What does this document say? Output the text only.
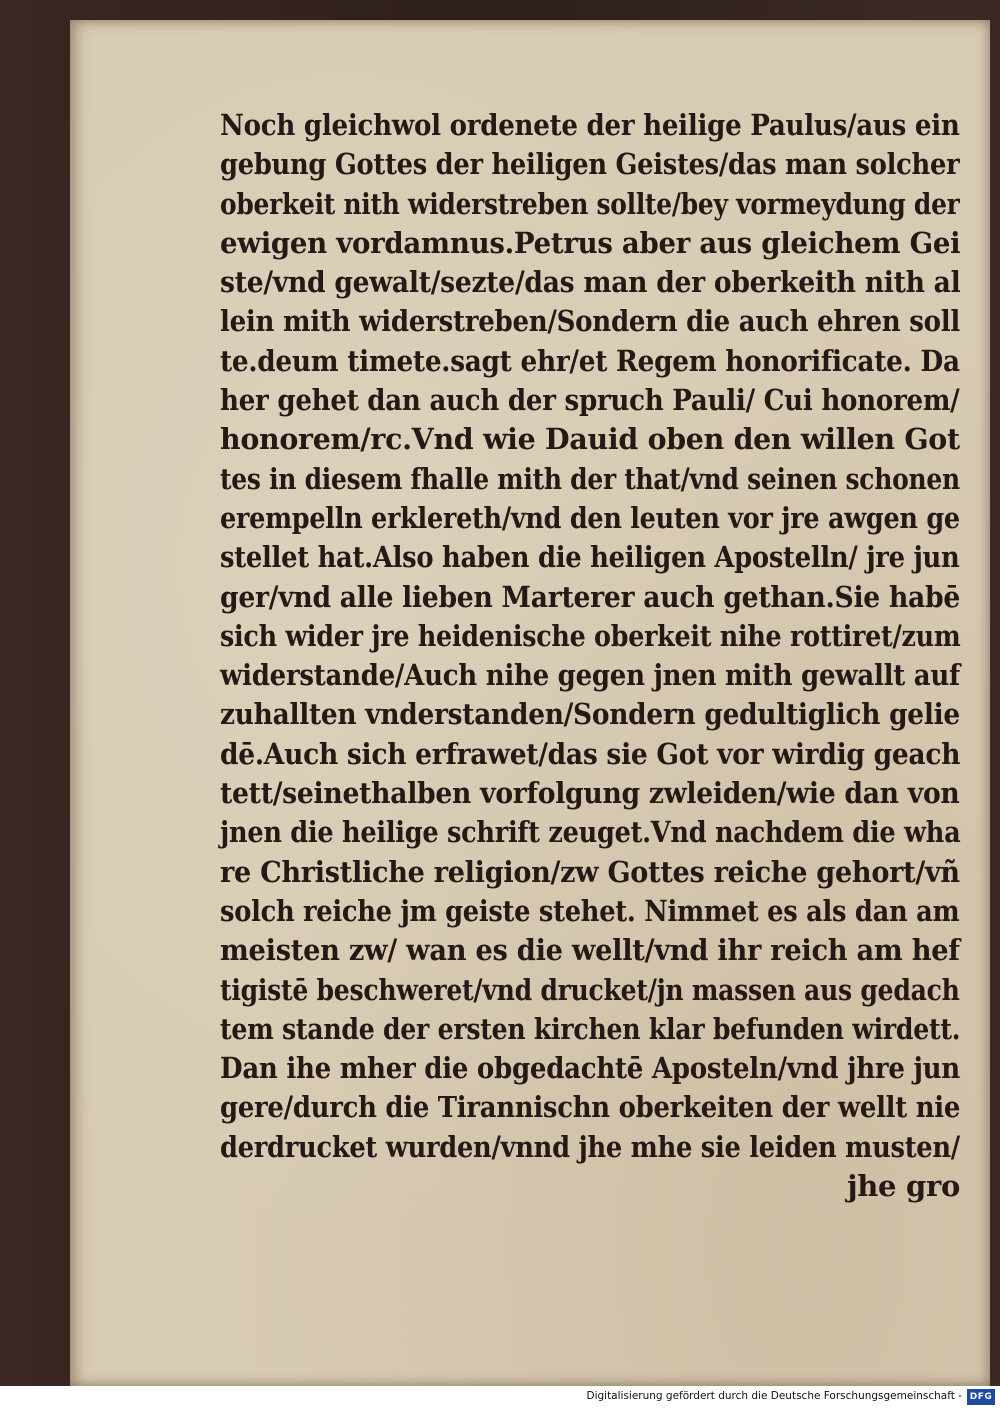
Noch gleichwol ordenete der heilige Paulus/aus ein
gebung Gottes der heiligen Geistes/das man solcher
oberkeit nith widerstreben sollte/bey vormeydung der
ewigen vordamnus.Petrus aber aus gleichem Gei
ste/vnd gewalt/sezte/das man der oberkeith nith al
lein mith widerstreben/Sondern die auch ehren soll
te.deum timete.sagt ehr/et Regem honorificate. Da
her gehet dan auch der spruch Pauli/ Cui honorem/
honorem/rc.Vnd wie Dauid oben den willen Got
tes in diesem fhalle mith der that/vnd seinen schonen
erempelln erklereth/vnd den leuten vor jre awgen ge
stellet hat.Also haben die heiligen Apostelln/ jre jun
ger/vnd alle lieben Marterer auch gethan.Sie habē
sich wider jre heidenische oberkeit nihe rottiret/zum
widerstande/Auch nihe gegen jnen mith gewallt auf
zuhallten vnderstanden/Sondern gedultiglich gelie
dē.Auch sich erfrawet/das sie Got vor wirdig geach
tett/seinethalben vorfolgung zwleiden/wie dan von
jnen die heilige schrift zeuget.Vnd nachdem die wha
re Christliche religion/zw Gottes reiche gehort/vñ
solch reiche jm geiste stehet. Nimmet es als dan am
meisten zw/ wan es die wellt/vnd ihr reich am hef
tigistē beschweret/vnd drucket/jn massen aus gedach
tem stande der ersten kirchen klar befunden wirdett.
Dan ihe mher die obgedachtē Aposteln/vnd jhre jun
gere/durch die Tirannischn oberkeiten der wellt nie
derdrucket wurden/vnnd jhe mhe sie leiden musten/
jhe gro
Digitalisierung gefördert durch die Deutsche Forschungsgemeinschaft - DFG
